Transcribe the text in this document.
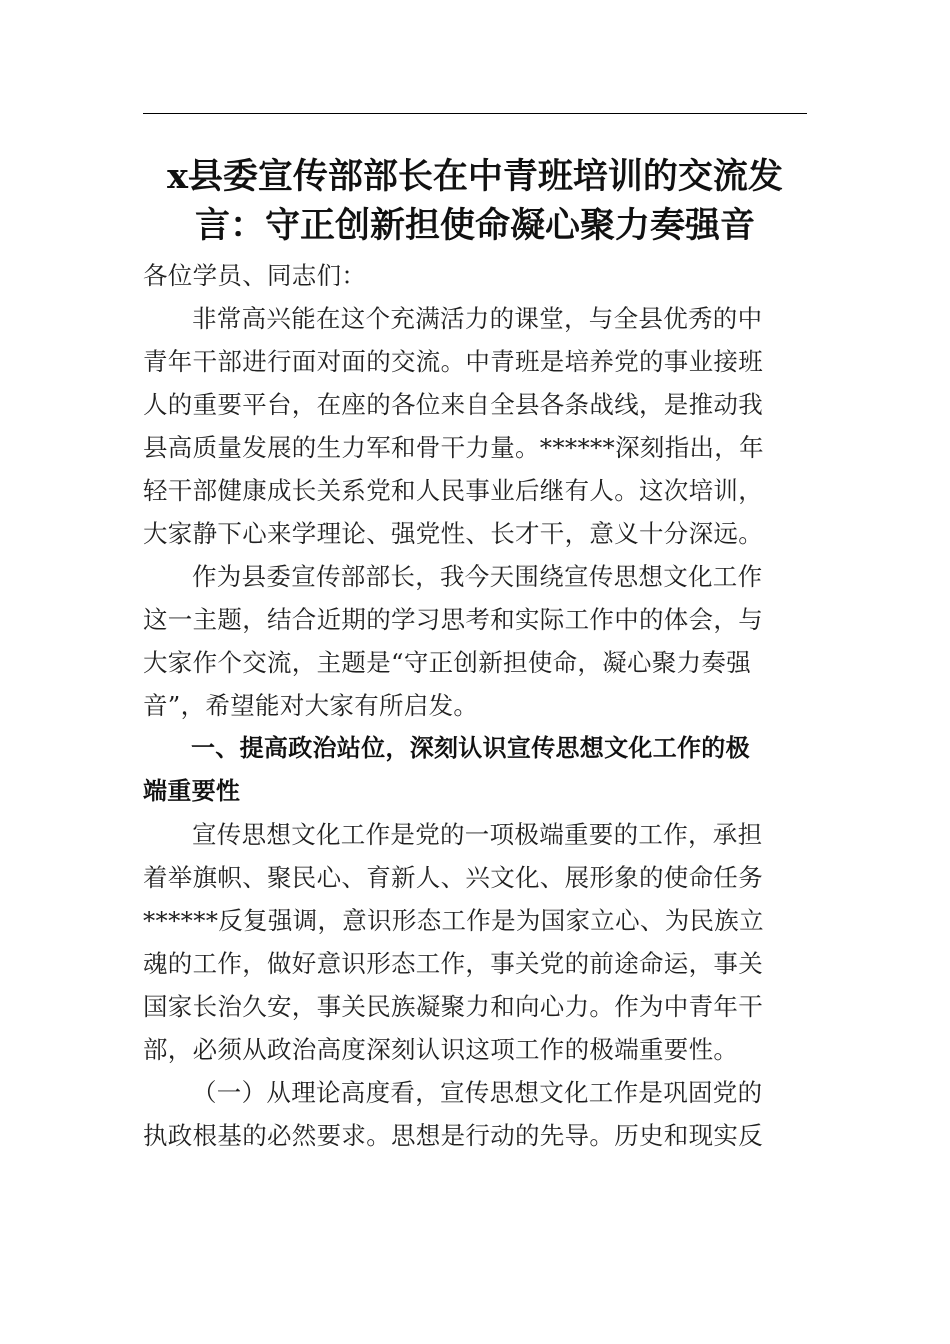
x县委宣传部部长在中青班培训的交流发
言：守正创新担使命凝心聚力奏强音

各位学员、同志们：

非常高兴能在这个充满活力的课堂，与全县优秀的中
青年干部进行面对面的交流。中青班是培养党的事业接班
人的重要平台，在座的各位来自全县各条战线，是推动我
县高质量发展的生力军和骨干力量。******深刻指出，年
轻干部健康成长关系党和人民事业后继有人。这次培训，
大家静下心来学理论、强党性、长才干，意义十分深远。

作为县委宣传部部长，我今天围绕宣传思想文化工作
这一主题，结合近期的学习思考和实际工作中的体会，与
大家作个交流，主题是“守正创新担使命，凝心聚力奏强
音”，希望能对大家有所启发。

一、提高政治站位，深刻认识宣传思想文化工作的极
端重要性

宣传思想文化工作是党的一项极端重要的工作，承担
着举旗帜、聚民心、育新人、兴文化、展形象的使命任务
******反复强调，意识形态工作是为国家立心、为民族立
魂的工作，做好意识形态工作，事关党的前途命运，事关
国家长治久安，事关民族凝聚力和向心力。作为中青年干
部，必须从政治高度深刻认识这项工作的极端重要性。

（一）从理论高度看，宣传思想文化工作是巩固党的
执政根基的必然要求。思想是行动的先导。历史和现实反
